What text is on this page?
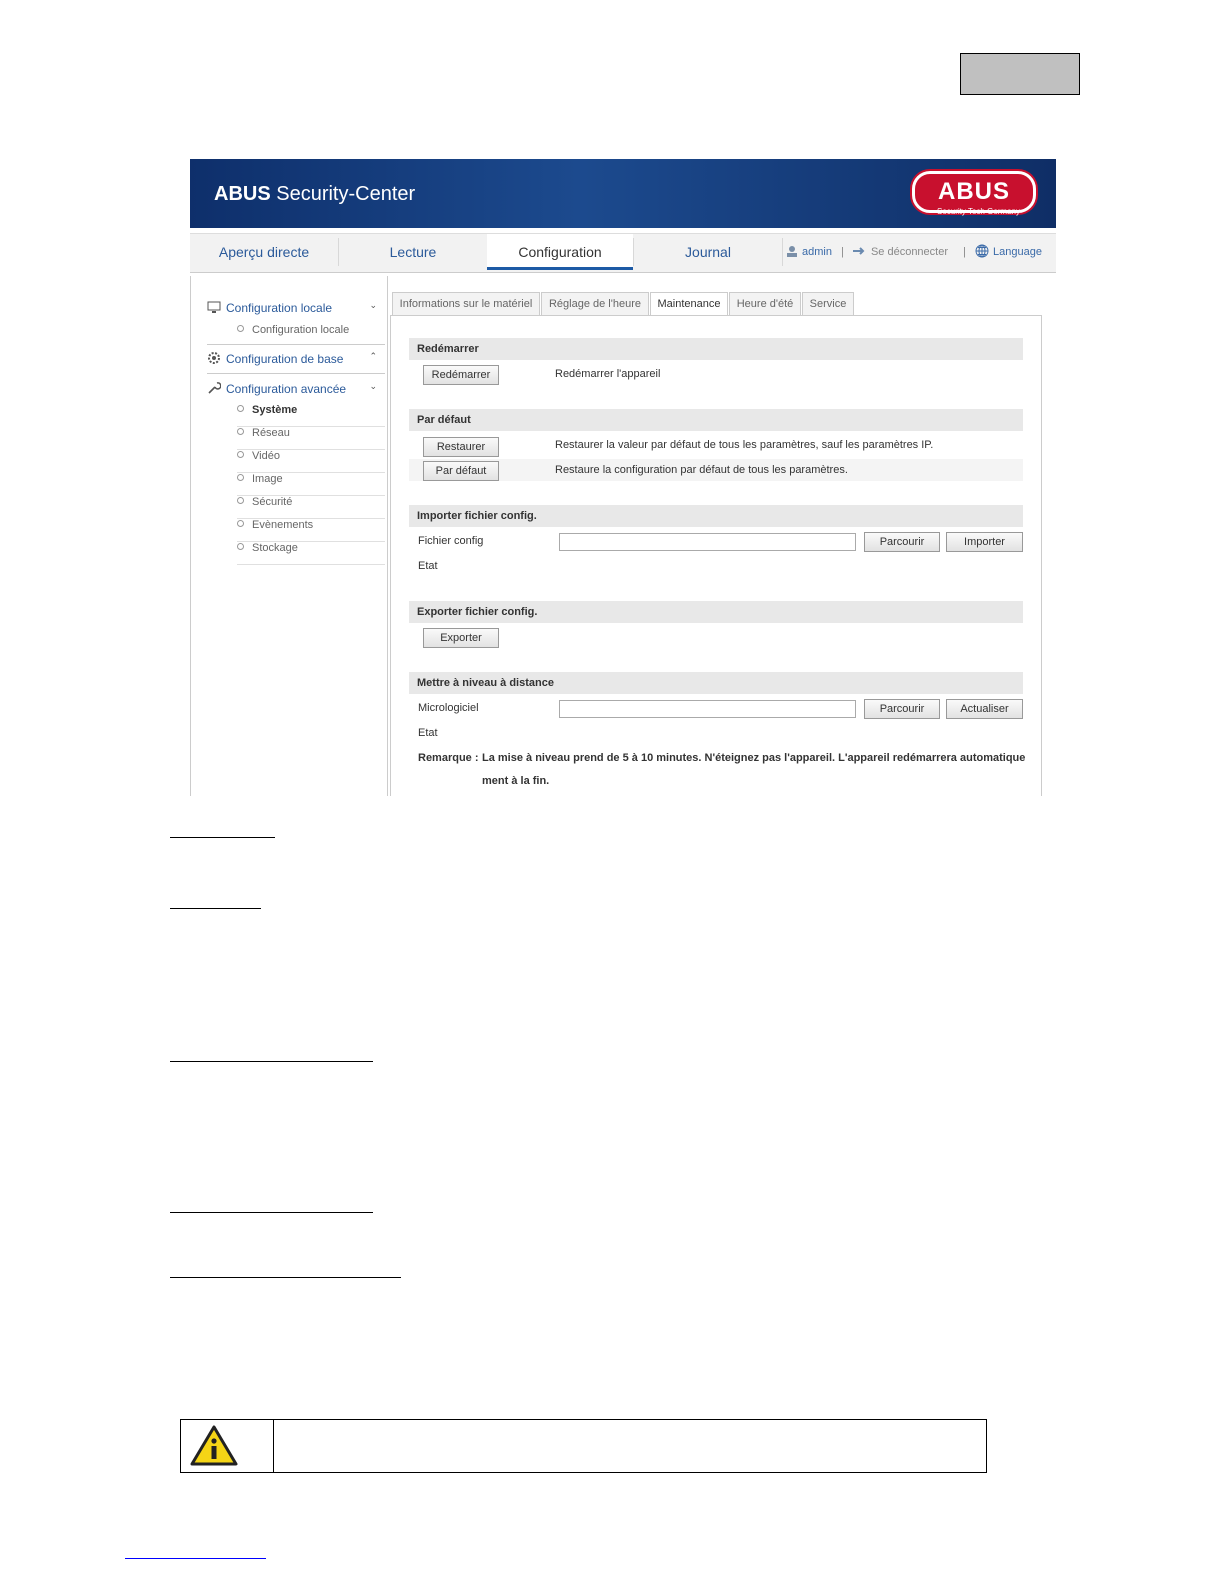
ABUS Security-Center	ABUS
Security Tech Germany
Aperçu directe	Lecture	Configuration	Journal	admin | Se déconnecter | Language
Configuration locale	⌄
Configuration locale
Configuration de base	⌃
Configuration avancée	⌄
Système
Réseau
Vidéo
Image
Sécurité
Evènements
Stockage
Informations sur le matériel	Réglage de l'heure	Maintenance	Heure d'été	Service
Redémarrer
Redémarrer	Redémarrer l'appareil
Par défaut
Restaurer	Restaurer la valeur par défaut de tous les paramètres, sauf les paramètres IP.
Par défaut	Restaure la configuration par défaut de tous les paramètres.
Importer fichier config.
Fichier config	Parcourir	Importer
Etat
Exporter fichier config.
Exporter
Mettre à niveau à distance
Micrologiciel	Parcourir	Actualiser
Etat
Remarque : La mise à niveau prend de 5 à 10 minutes. N'éteignez pas l'appareil. L'appareil redémarrera automatique
ment à la fin.
